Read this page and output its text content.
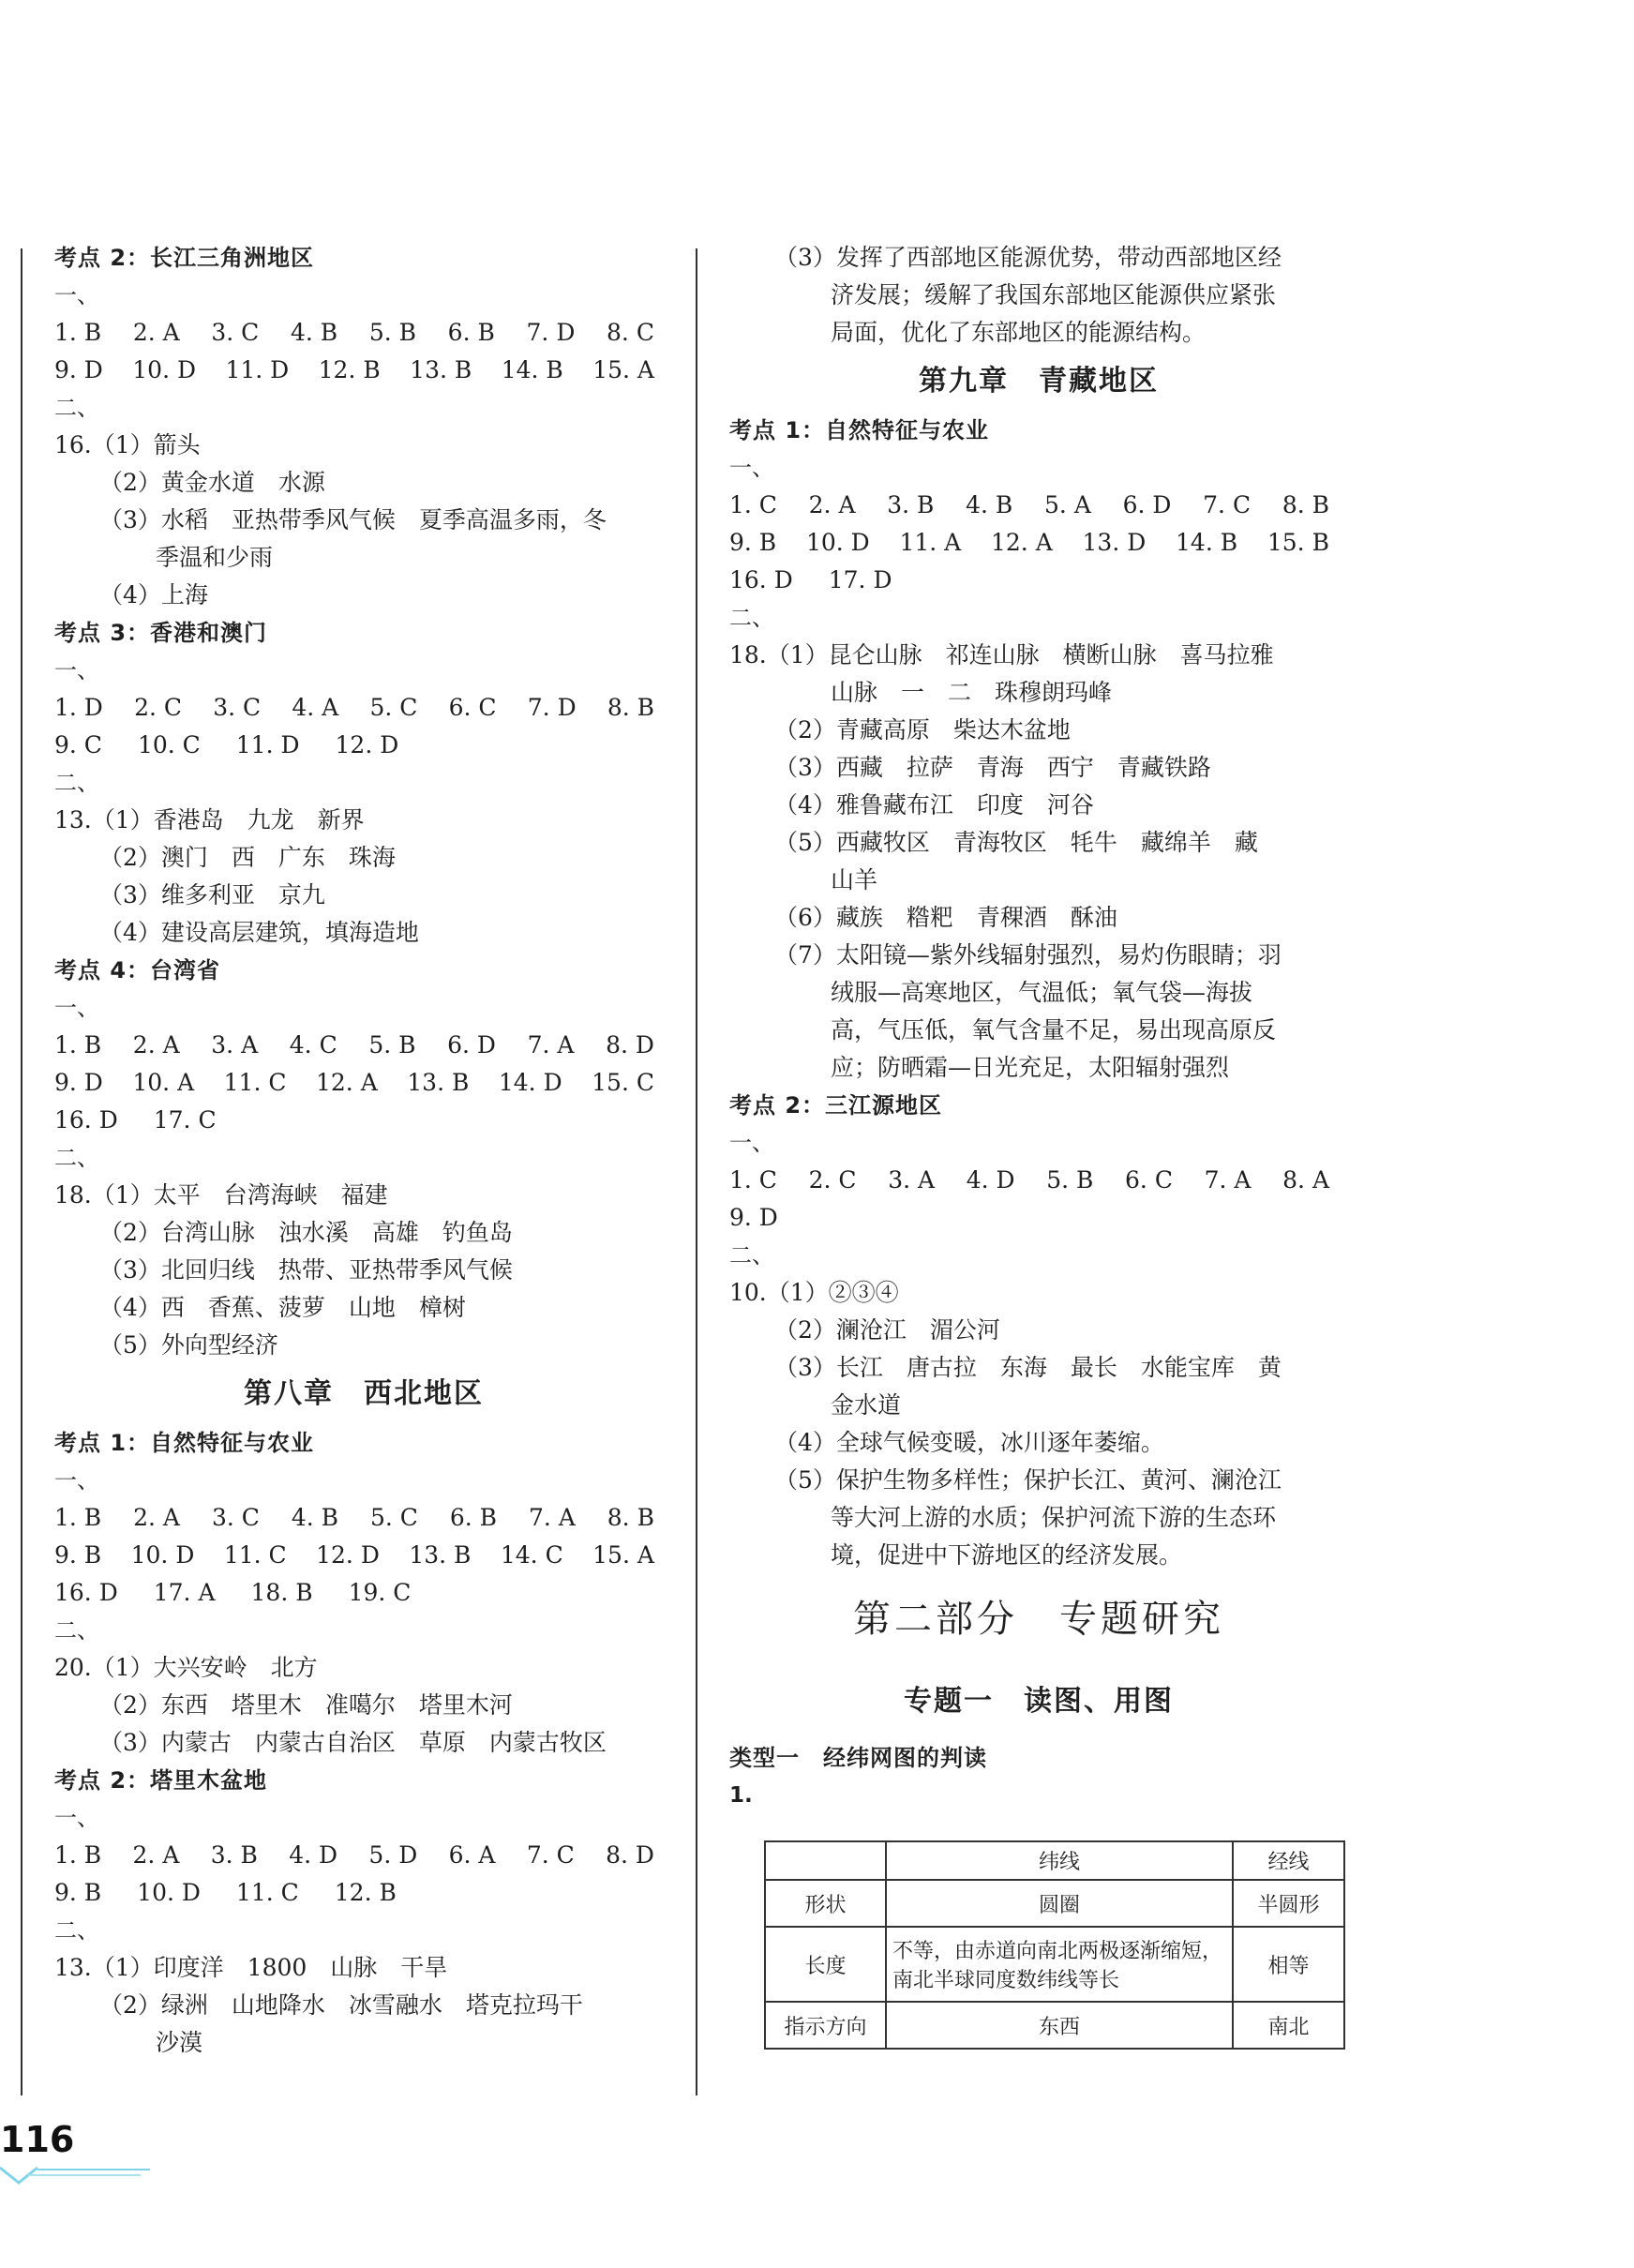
考点 2：长江三角洲地区
一、
1. B 2. A 3. C 4. B 5. B 6. B 7. D 8. C
9. D 10. D 11. D 12. B 13. B 14. B 15. A
二、
16.（1）箭头
（2）黄金水道　水源
（3）水稻　亚热带季风气候　夏季高温多雨，冬
季温和少雨
（4）上海
考点 3：香港和澳门
一、
1. D 2. C 3. C 4. A 5. C 6. C 7. D 8. B
9. C 10. C 11. D 12. D
二、
13.（1）香港岛　九龙　新界
（2）澳门　西　广东　珠海
（3）维多利亚　京九
（4）建设高层建筑，填海造地
考点 4：台湾省
一、
1. B 2. A 3. A 4. C 5. B 6. D 7. A 8. D
9. D 10. A 11. C 12. A 13. B 14. D 15. C
16. D 17. C
二、
18.（1）太平　台湾海峡　福建
（2）台湾山脉　浊水溪　高雄　钓鱼岛
（3）北回归线　热带、亚热带季风气候
（4）西　香蕉、菠萝　山地　樟树
（5）外向型经济
第八章　西北地区
考点 1：自然特征与农业
一、
1. B 2. A 3. C 4. B 5. C 6. B 7. A 8. B
9. B 10. D 11. C 12. D 13. B 14. C 15. A
16. D 17. A 18. B 19. C
二、
20.（1）大兴安岭　北方
（2）东西　塔里木　准噶尔　塔里木河
（3）内蒙古　内蒙古自治区　草原　内蒙古牧区
考点 2：塔里木盆地
一、
1. B 2. A 3. B 4. D 5. D 6. A 7. C 8. D
9. B 10. D 11. C 12. B
二、
13.（1）印度洋　1800　山脉　干旱
（2）绿洲　山地降水　冰雪融水　塔克拉玛干
沙漠
（3）发挥了西部地区能源优势，带动西部地区经
济发展；缓解了我国东部地区能源供应紧张
局面，优化了东部地区的能源结构。
第九章　青藏地区
考点 1：自然特征与农业
一、
1. C 2. A 3. B 4. B 5. A 6. D 7. C 8. B
9. B 10. D 11. A 12. A 13. D 14. B 15. B
16. D 17. D
二、
18.（1）昆仑山脉　祁连山脉　横断山脉　喜马拉雅
山脉　一　二　珠穆朗玛峰
（2）青藏高原　柴达木盆地
（3）西藏　拉萨　青海　西宁　青藏铁路
（4）雅鲁藏布江　印度　河谷
（5）西藏牧区　青海牧区　牦牛　藏绵羊　藏
山羊
（6）藏族　糌粑　青稞酒　酥油
（7）太阳镜—紫外线辐射强烈，易灼伤眼睛；羽
绒服—高寒地区，气温低；氧气袋—海拔
高，气压低，氧气含量不足，易出现高原反
应；防晒霜—日光充足，太阳辐射强烈
考点 2：三江源地区
一、
1. C 2. C 3. A 4. D 5. B 6. C 7. A 8. A
9. D
二、
10.（1）②③④
（2）澜沧江　湄公河
（3）长江　唐古拉　东海　最长　水能宝库　黄
金水道
（4）全球气候变暖，冰川逐年萎缩。
（5）保护生物多样性；保护长江、黄河、澜沧江
等大河上游的水质；保护河流下游的生态环
境，促进中下游地区的经济发展。
第二部分　专题研究
专题一　读图、用图
类型一　经纬网图的判读
1.
	纬线	经线
形状	圆圈	半圆形
长度	不等，由赤道向南北两极逐渐缩短，南北半球同度数纬线等长	相等
指示方向	东西	南北
116
